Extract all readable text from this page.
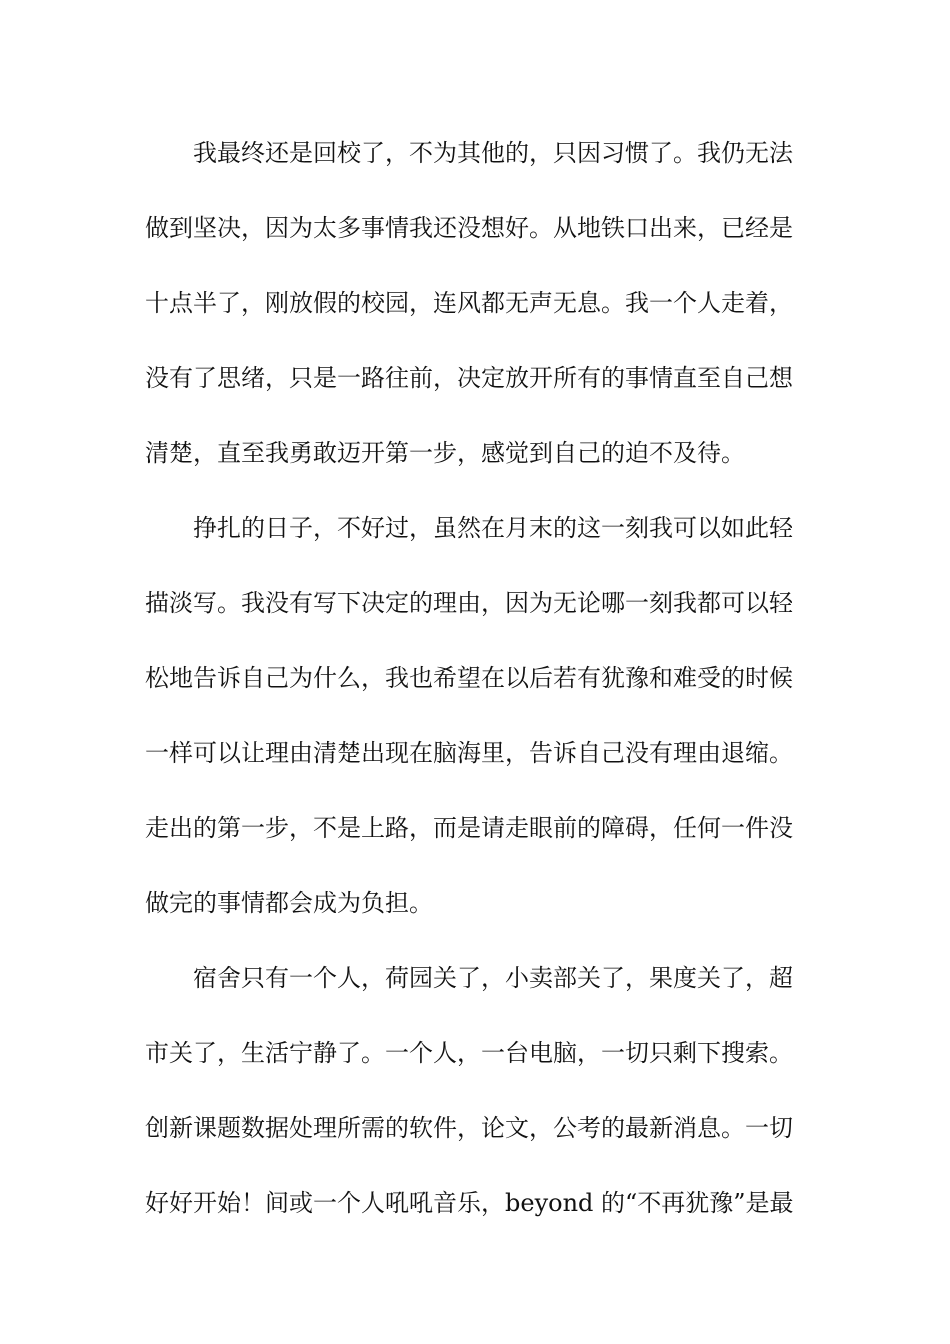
我最终还是回校了，不为其他的，只因习惯了。我仍无法
做到坚决，因为太多事情我还没想好。从地铁口出来，已经是
十点半了，刚放假的校园，连风都无声无息。我一个人走着，
没有了思绪，只是一路往前，决定放开所有的事情直至自己想
清楚，直至我勇敢迈开第一步，感觉到自己的迫不及待。
挣扎的日子，不好过，虽然在月末的这一刻我可以如此轻
描淡写。我没有写下决定的理由，因为无论哪一刻我都可以轻
松地告诉自己为什么，我也希望在以后若有犹豫和难受的时候
一样可以让理由清楚出现在脑海里，告诉自己没有理由退缩。
走出的第一步，不是上路，而是请走眼前的障碍，任何一件没
做完的事情都会成为负担。
宿舍只有一个人，荷园关了，小卖部关了，果度关了，超
市关了，生活宁静了。一个人，一台电脑，一切只剩下搜索。
创新课题数据处理所需的软件，论文，公考的最新消息。一切
好好开始！间或一个人吼吼音乐，beyond 的“不再犹豫”是最
